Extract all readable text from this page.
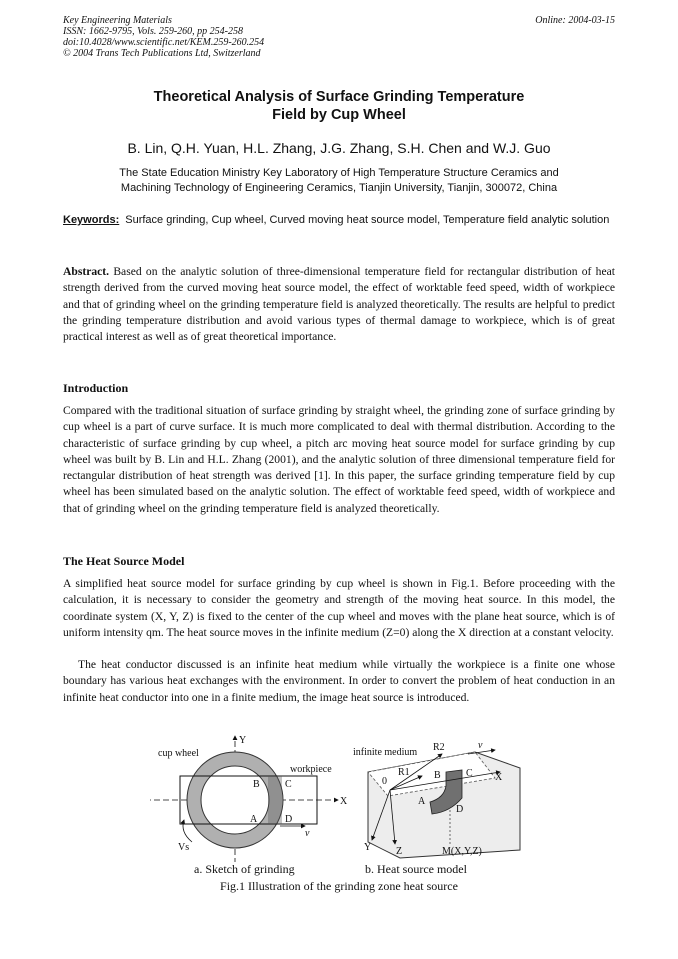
Key Engineering Materials
ISSN: 1662-9795, Vols. 259-260, pp 254-258
doi:10.4028/www.scientific.net/KEM.259-260.254
© 2004 Trans Tech Publications Ltd, Switzerland
Online: 2004-03-15
Theoretical Analysis of Surface Grinding Temperature
Field by Cup Wheel
B. Lin, Q.H. Yuan, H.L. Zhang, J.G. Zhang, S.H. Chen and W.J. Guo
The State Education Ministry Key Laboratory of High Temperature Structure Ceramics and
Machining Technology of Engineering Ceramics, Tianjin University, Tianjin, 300072, China
Keywords: Surface grinding, Cup wheel, Curved moving heat source model, Temperature field analytic solution

Abstract. Based on the analytic solution of three-dimensional temperature field for rectangular distribution of heat strength derived from the curved moving heat source model, the effect of worktable feed speed, width of workpiece and that of grinding wheel on the grinding temperature field is analyzed theoretically. The results are helpful to predict the grinding temperature distribution and avoid various types of thermal damage to workpiece, which is of great practical interest as well as of great theoretical importance.

Introduction

Compared with the traditional situation of surface grinding by straight wheel, the grinding zone of surface grinding by cup wheel is a part of curve surface. It is much more complicated to deal with thermal distribution. According to the characteristic of surface grinding by cup wheel, a pitch arc moving heat source model for surface grinding by cup wheel was built by B. Lin and H.L. Zhang (2001), and the analytic solution of three dimensional temperature field for rectangular distribution of heat strength was derived [1]. In this paper, the surface grinding temperature field by cup wheel has been simulated based on the analytic solution. The effect of worktable feed speed, width of workpiece and that of grinding wheel on the grinding temperature field is analyzed theoretically.

The Heat Source Model

A simplified heat source model for surface grinding by cup wheel is shown in Fig.1. Before proceeding with the calculation, it is necessary to consider the geometry and strength of the moving heat source. In this model, the coordinate system (X, Y, Z) is fixed to the center of the cup wheel and moves with the plane heat source, which is of uniform intensity qm. The heat source moves in the infinite medium (Z=0) along the X direction at a constant velocity.

The heat conductor discussed is an infinite heat medium while virtually the workpiece is a finite one whose boundary has various heat exchanges with the environment. In order to convert the problem of heat conduction in an infinite heat conductor into one in a finite medium, the image heat source is introduced.

Y
X
cup wheel
workpiece
B	C
A	D
v
Vs
infinite medium R2
R1
v
0
B	C
A
D
X
Y Z	M(X,Y,Z)
a. Sketch of grinding	b. Heat source model
Fig.1 Illustration of the grinding zone heat source
